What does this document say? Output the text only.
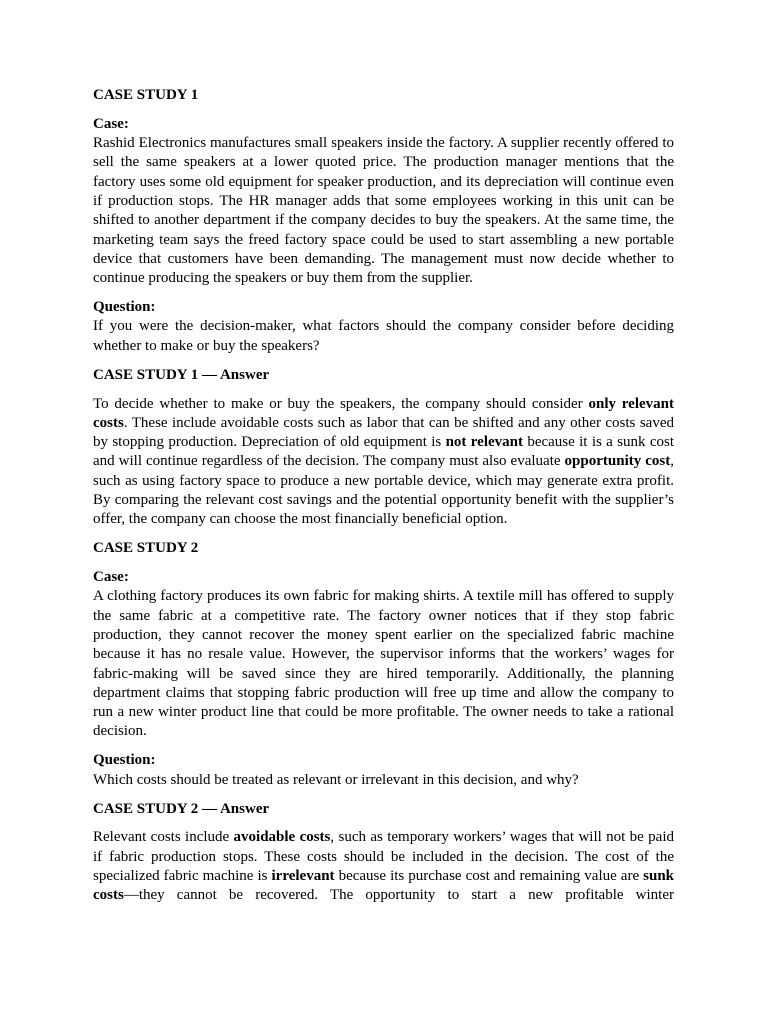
CASE STUDY 1

Case:
Rashid Electronics manufactures small speakers inside the factory. A supplier recently offered to sell the same speakers at a lower quoted price. The production manager mentions that the factory uses some old equipment for speaker production, and its depreciation will continue even if production stops. The HR manager adds that some employees working in this unit can be shifted to another department if the company decides to buy the speakers. At the same time, the marketing team says the freed factory space could be used to start assembling a new portable device that customers have been demanding. The management must now decide whether to continue producing the speakers or buy them from the supplier.

Question:
If you were the decision-maker, what factors should the company consider before deciding whether to make or buy the speakers?

CASE STUDY 1 — Answer

To decide whether to make or buy the speakers, the company should consider only relevant costs. These include avoidable costs such as labor that can be shifted and any other costs saved by stopping production. Depreciation of old equipment is not relevant because it is a sunk cost and will continue regardless of the decision. The company must also evaluate opportunity cost, such as using factory space to produce a new portable device, which may generate extra profit. By comparing the relevant cost savings and the potential opportunity benefit with the supplier’s offer, the company can choose the most financially beneficial option.

CASE STUDY 2

Case:
A clothing factory produces its own fabric for making shirts. A textile mill has offered to supply the same fabric at a competitive rate. The factory owner notices that if they stop fabric production, they cannot recover the money spent earlier on the specialized fabric machine because it has no resale value. However, the supervisor informs that the workers’ wages for fabric-making will be saved since they are hired temporarily. Additionally, the planning department claims that stopping fabric production will free up time and allow the company to run a new winter product line that could be more profitable. The owner needs to take a rational decision.

Question:
Which costs should be treated as relevant or irrelevant in this decision, and why?

CASE STUDY 2 — Answer

Relevant costs include avoidable costs, such as temporary workers’ wages that will not be paid if fabric production stops. These costs should be included in the decision. The cost of the specialized fabric machine is irrelevant because its purchase cost and remaining value are sunk costs—they cannot be recovered. The opportunity to start a new profitable winter
